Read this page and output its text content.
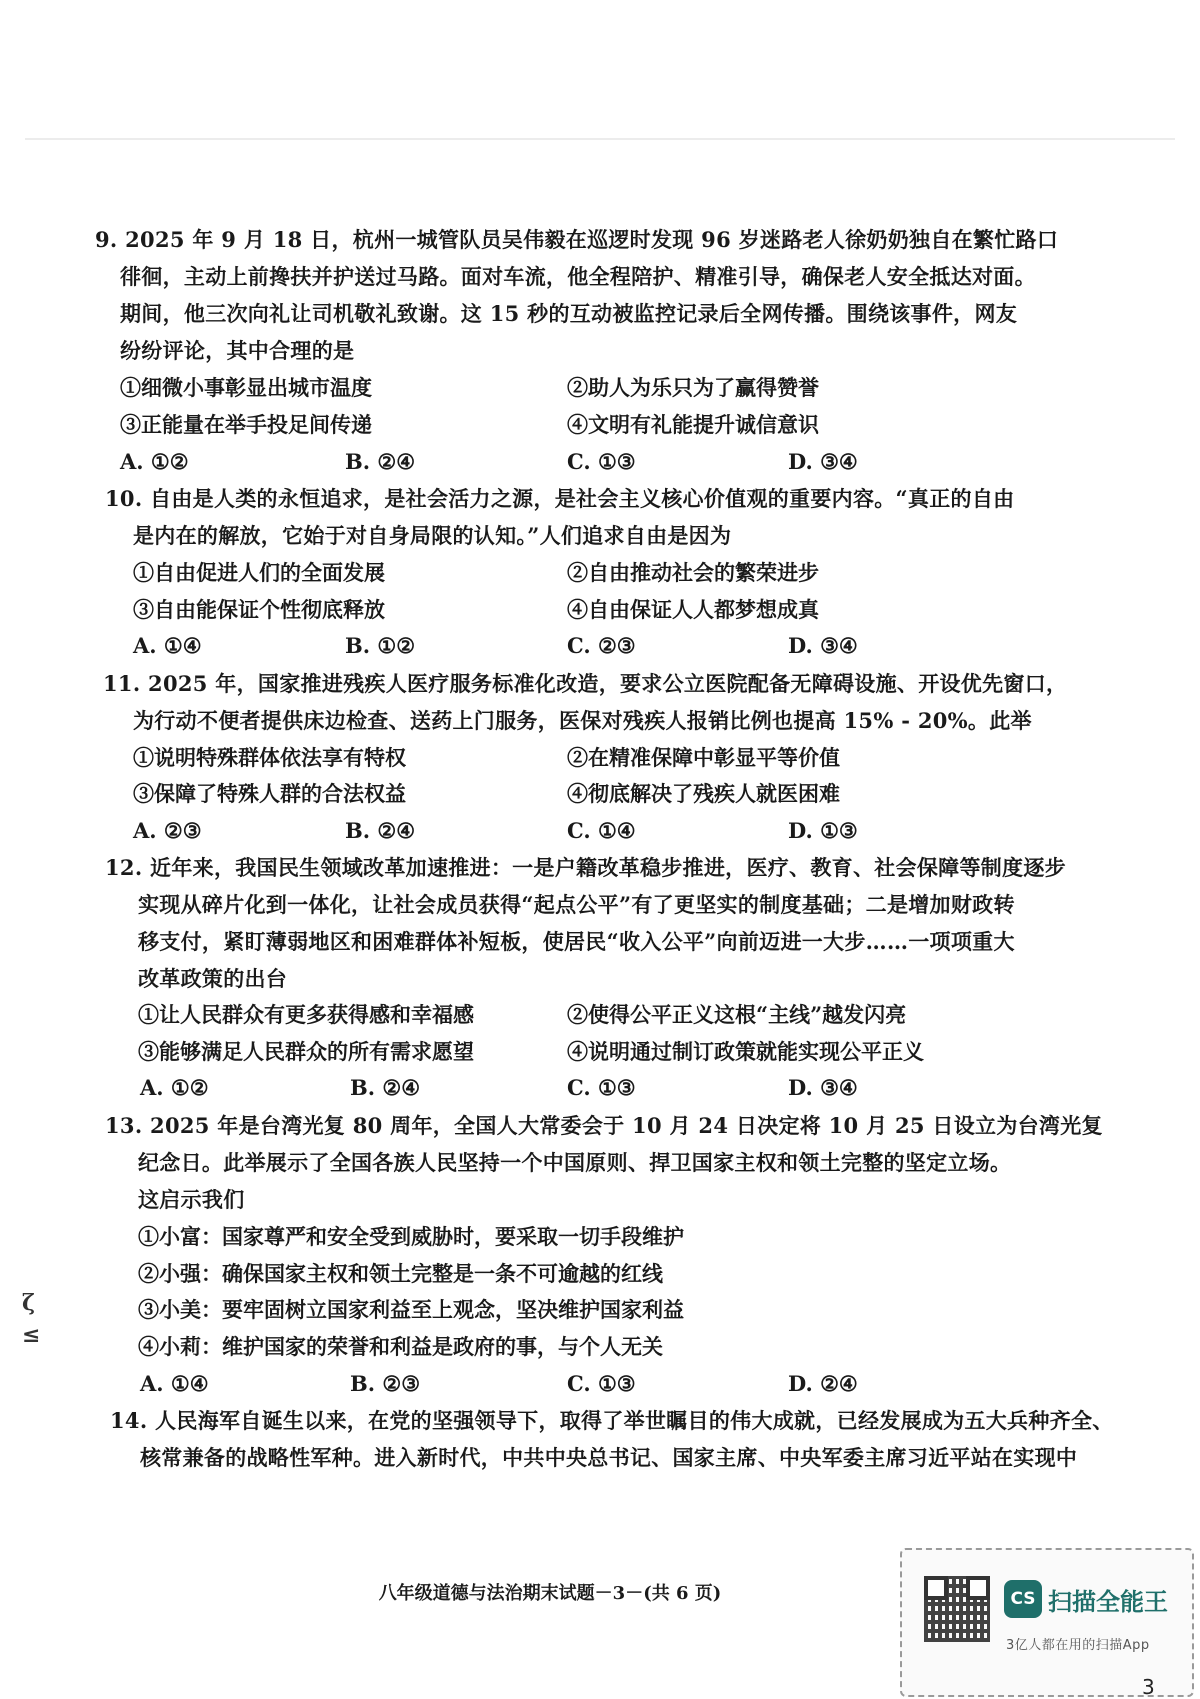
9. 2025 年 9 月 18 日，杭州一城管队员吴伟毅在巡逻时发现 96 岁迷路老人徐奶奶独自在繁忙路口
徘徊，主动上前搀扶并护送过马路。面对车流，他全程陪护、精准引导，确保老人安全抵达对面。
期间，他三次向礼让司机敬礼致谢。这 15 秒的互动被监控记录后全网传播。围绕该事件，网友
纷纷评论，其中合理的是
①细微小事彰显出城市温度	②助人为乐只为了赢得赞誉
③正能量在举手投足间传递	④文明有礼能提升诚信意识
A. ①②	B. ②④	C. ①③	D. ③④
10. 自由是人类的永恒追求，是社会活力之源，是社会主义核心价值观的重要内容。“真正的自由
是内在的解放，它始于对自身局限的认知。”人们追求自由是因为
①自由促进人们的全面发展	②自由推动社会的繁荣进步
③自由能保证个性彻底释放	④自由保证人人都梦想成真
A. ①④	B. ①②	C. ②③	D. ③④
11. 2025 年，国家推进残疾人医疗服务标准化改造，要求公立医院配备无障碍设施、开设优先窗口，
为行动不便者提供床边检查、送药上门服务，医保对残疾人报销比例也提高 15% - 20%。此举
①说明特殊群体依法享有特权	②在精准保障中彰显平等价值
③保障了特殊人群的合法权益	④彻底解决了残疾人就医困难
A. ②③	B. ②④	C. ①④	D. ①③
12. 近年来，我国民生领域改革加速推进：一是户籍改革稳步推进，医疗、教育、社会保障等制度逐步
实现从碎片化到一体化，让社会成员获得“起点公平”有了更坚实的制度基础；二是增加财政转
移支付，紧盯薄弱地区和困难群体补短板，使居民“收入公平”向前迈进一大步……一项项重大
改革政策的出台
①让人民群众有更多获得感和幸福感	②使得公平正义这根“主线”越发闪亮
③能够满足人民群众的所有需求愿望	④说明通过制订政策就能实现公平正义
A. ①②	B. ②④	C. ①③	D. ③④
13. 2025 年是台湾光复 80 周年，全国人大常委会于 10 月 24 日决定将 10 月 25 日设立为台湾光复
纪念日。此举展示了全国各族人民坚持一个中国原则、捍卫国家主权和领土完整的坚定立场。
这启示我们
①小富：国家尊严和安全受到威胁时，要采取一切手段维护
②小强：确保国家主权和领土完整是一条不可逾越的红线
③小美：要牢固树立国家利益至上观念，坚决维护国家利益
④小莉：维护国家的荣誉和利益是政府的事，与个人无关
A. ①④	B. ②③	C. ①③	D. ②④
14. 人民海军自诞生以来，在党的坚强领导下，取得了举世瞩目的伟大成就，已经发展成为五大兵种齐全、
核常兼备的战略性军种。进入新时代，中共中央总书记、国家主席、中央军委主席习近平站在实现中
ζ
≤
八年级道德与法治期末试题－3－(共 6 页)	CS 扫描全能王
3亿人都在用的扫描App
3
